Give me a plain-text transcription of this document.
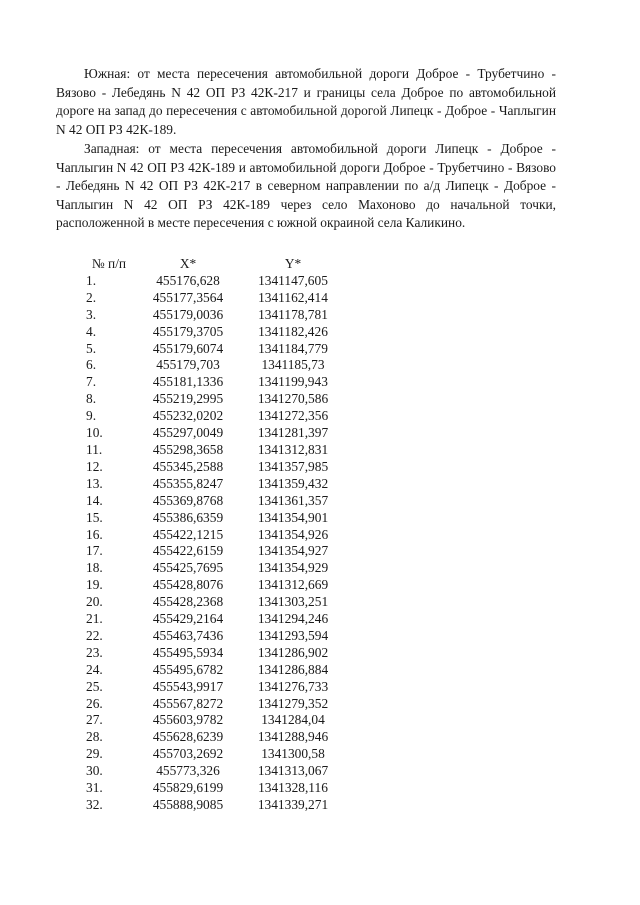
Южная: от места пересечения автомобильной дороги Доброе - Трубетчино - Вязово - Лебедянь N 42 ОП РЗ 42К-217 и границы села Доброе по автомобильной дороге на запад до пересечения с автомобильной дорогой Липецк - Доброе - Чаплыгин N 42 ОП РЗ 42К-189.

Западная: от места пересечения автомобильной дороги Липецк - Доброе - Чаплыгин N 42 ОП РЗ 42К-189 и автомобильной дороги Доброе - Трубетчино - Вязово - Лебедянь N 42 ОП РЗ 42К-217 в северном направлении по а/д Липецк - Доброе - Чаплыгин N 42 ОП РЗ 42К-189 через село Махоново до начальной точки, расположенной в месте пересечения с южной окраиной села Каликино.

№ п/п	X*	Y*
1.	455176,628	1341147,605
2.	455177,3564	1341162,414
3.	455179,0036	1341178,781
4.	455179,3705	1341182,426
5.	455179,6074	1341184,779
6.	455179,703	1341185,73
7.	455181,1336	1341199,943
8.	455219,2995	1341270,586
9.	455232,0202	1341272,356
10.	455297,0049	1341281,397
11.	455298,3658	1341312,831
12.	455345,2588	1341357,985
13.	455355,8247	1341359,432
14.	455369,8768	1341361,357
15.	455386,6359	1341354,901
16.	455422,1215	1341354,926
17.	455422,6159	1341354,927
18.	455425,7695	1341354,929
19.	455428,8076	1341312,669
20.	455428,2368	1341303,251
21.	455429,2164	1341294,246
22.	455463,7436	1341293,594
23.	455495,5934	1341286,902
24.	455495,6782	1341286,884
25.	455543,9917	1341276,733
26.	455567,8272	1341279,352
27.	455603,9782	1341284,04
28.	455628,6239	1341288,946
29.	455703,2692	1341300,58
30.	455773,326	1341313,067
31.	455829,6199	1341328,116
32.	455888,9085	1341339,271
